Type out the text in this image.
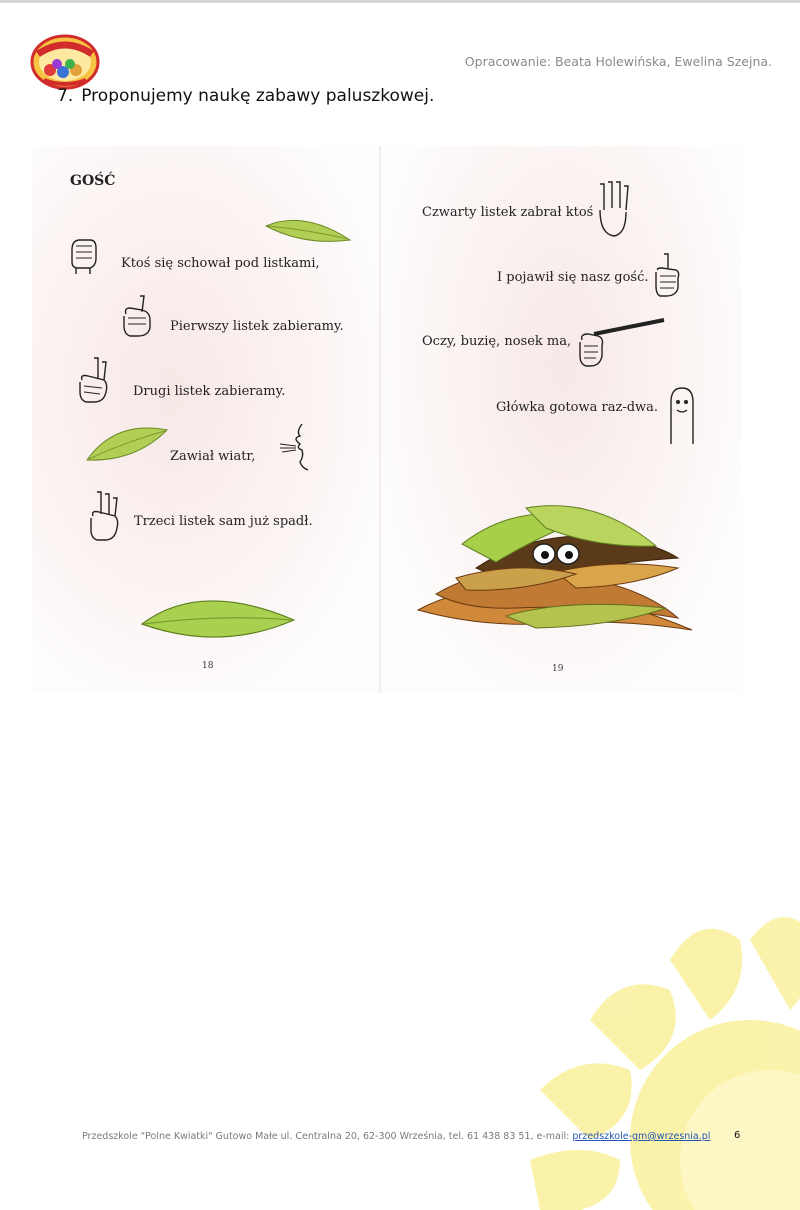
Opracowanie: Beata Holewińska, Ewelina Szejna.
7. Proponujemy naukę zabawy paluszkowej.
GOŚĆ
Ktoś się schował pod listkami,
Pierwszy listek zabieramy.
Drugi listek zabieramy.
Zawiał wiatr,
Trzeci listek sam już spadł.
18
Czwarty listek zabrał ktoś
I pojawił się nasz gość.
Oczy, buzię, nosek ma,
Główka gotowa raz-dwa.
19
Przedszkole "Polne Kwiatki" Gutowo Małe ul. Centralna 20, 62-300 Września, tel. 61 438 83 51, e-mail: przedszkole-gm@wrzesnia.pl 6
